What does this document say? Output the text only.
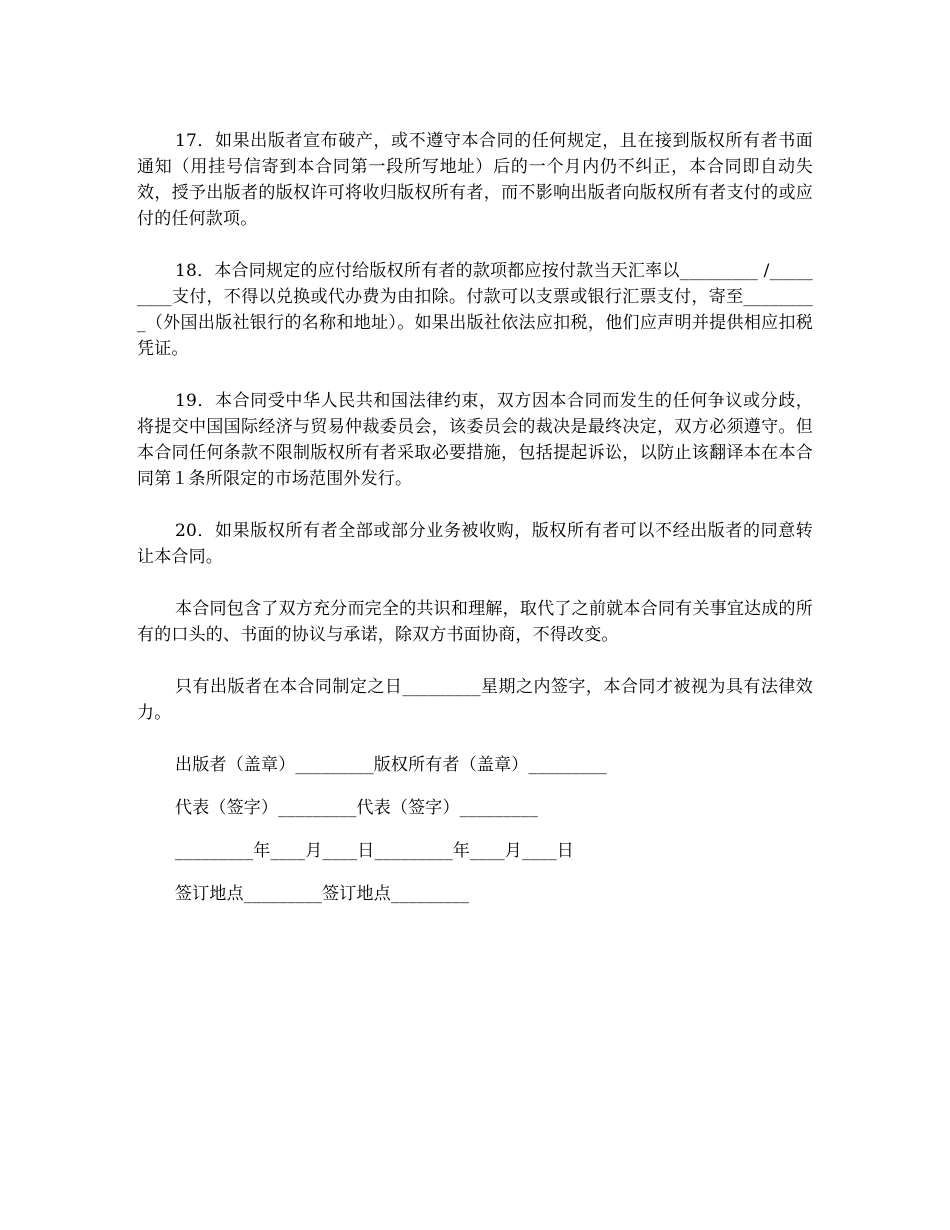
17．如果出版者宣布破产，或不遵守本合同的任何规定，且在接到版权所有者书面通知（用挂号信寄到本合同第一段所写地址）后的一个月内仍不纠正，本合同即自动失效，授予出版者的版权许可将收归版权所有者，而不影响出版者向版权所有者支付的或应付的任何款项。

18．本合同规定的应付给版权所有者的款项都应按付款当天汇率以_________ /_________支付，不得以兑换或代办费为由扣除。付款可以支票或银行汇票支付，寄至_________（外国出版社银行的名称和地址）。如果出版社依法应扣税，他们应声明并提供相应扣税凭证。

19．本合同受中华人民共和国法律约束，双方因本合同而发生的任何争议或分歧，将提交中国国际经济与贸易仲裁委员会，该委员会的裁决是最终决定，双方必须遵守。但本合同任何条款不限制版权所有者采取必要措施，包括提起诉讼，以防止该翻译本在本合同第１条所限定的市场范围外发行。

20．如果版权所有者全部或部分业务被收购，版权所有者可以不经出版者的同意转让本合同。

本合同包含了双方充分而完全的共识和理解，取代了之前就本合同有关事宜达成的所有的口头的、书面的协议与承诺，除双方书面协商，不得改变。

只有出版者在本合同制定之日_________星期之内签字，本合同才被视为具有法律效力。

出版者（盖章）_________版权所有者（盖章）_________

代表（签字）_________代表（签字）_________

_________年____月____日_________年____月____日

签订地点_________签订地点_________
